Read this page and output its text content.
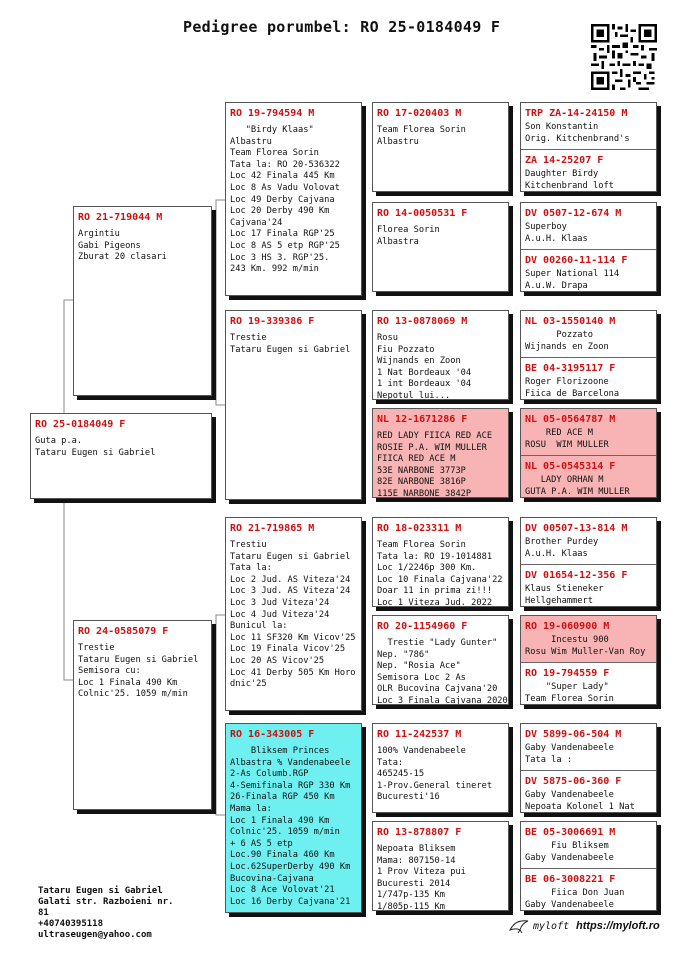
Pedigree porumbel: RO 25-0184049 F
RO 25-0184049 F
Guta p.a.
Tataru Eugen si Gabriel
RO 21-719044 M
Argintiu
Gabi Pigeons
Zburat 20 clasari
RO 24-0585079 F
Trestie
Tataru Eugen si Gabriel
Semisora cu:
Loc 1 Finala 490 Km
Colnic'25. 1059 m/min
RO 19-794594 M
"Birdy Klaas"
Albastru
Team Florea Sorin
Tata la: RO 20-536322
Loc 42 Finala 445 Km
Loc 8 As Vadu Volovat
Loc 49 Derby Cajvana
Loc 20 Derby 490 Km
Cajvana'24
Loc 17 Finala RGP'25
Loc 8 AS 5 etp RGP'25
Loc 3 HS 3. RGP'25.
243 Km. 992 m/min
RO 19-339386 F
Trestie
Tataru Eugen si Gabriel
RO 21-719865 M
Trestiu
Tataru Eugen si Gabriel
Tata la:
Loc 2 Jud. AS Viteza'24
Loc 3 Jud. AS Viteza'24
Loc 3 Jud Viteza'24
Loc 4 Jud Viteza'24
Bunicul la:
Loc 11 SF320 Km Vicov'25
Loc 19 Finala Vicov'25
Loc 20 AS Vicov'25
Loc 41 Derby 505 Km Horo
dnic'25
RO 16-343005 F
Bliksem Princes
Albastra % Vandenabeele
2-As Columb.RGP
4-Semifinala RGP 330 Km
26-Finala RGP 450 Km
Mama la:
Loc 1 Finala 490 Km
Colnic'25. 1059 m/min
+ 6 AS 5 etp
Loc.90 Finala 460 Km
Loc.62SuperDerby 490 Km
Bucovina-Cajvana
Loc 8 Ace Volovat'21
Loc 16 Derby Cajvana'21
RO 17-020403 M
Team Florea Sorin
Albastru
RO 14-0050531 F
Florea Sorin
Albastra
RO 13-0878069 M
Rosu
Fiu Pozzato
Wijnands en Zoon
1 Nat Bordeaux '04
1 int Bordeaux '04
Nepotul lui...
NL 12-1671286 F
RED LADY FIICA RED ACE
ROSIE P.A. WIM MULLER
FIICA RED ACE M
53E NARBONE 3773P
82E NARBONE 3816P
115E NARBONE 3842P
RO 18-023311 M
Team Florea Sorin
Tata la: RO 19-1014881
Loc 1/2246p 300 Km.
Loc 10 Finala Cajvana'22
Doar 11 in prima zi!!!
Loc 1 Viteza Jud. 2022
RO 20-1154960 F
Trestie "Lady Gunter"
Nep. "786"
Nep. "Rosia Ace"
Semisora Loc 2 As
OLR Bucovina Cajvana'20
Loc 3 Finala Cajvana 2020
RO 11-242537 M
100% Vandenabeele
Tata:
465245-15
1-Prov.General tineret
Bucuresti'16
RO 13-878807 F
Nepoata Bliksem
Mama: 807150-14
1 Prov Viteza pui
Bucuresti 2014
1/747p-135 Km
1/805p-115 Km
TRP ZA-14-24150 M
Son Konstantin
Orig. Kitchenbrand's
ZA 14-25207 F
Daughter Birdy
Kitchenbrand loft
DV 0507-12-674 M
Superboy
A.u.H. Klaas
DV 00260-11-114 F
Super National 114
A.u.W. Drapa
NL 03-1550140 M
Pozzato
Wijnands en Zoon
BE 04-3195117 F
Roger Florizoone
Fiica de Barcelona
NL 05-0564787 M
RED ACE M
ROSU  WIM MULLER
NL 05-0545314 F
LADY ORHAN M
GUTA P.A. WIM MULLER
DV 00507-13-814 M
Brother Purdey
A.u.H. Klaas
DV 01654-12-356 F
Klaus Stieneker
Hellgehammert
RO 19-060900 M
Incestu 900
Rosu Wim Muller-Van Roy
RO 19-794559 F
"Super Lady"
Team Florea Sorin
DV 5899-06-504 M
Gaby Vandenabeele
Tata la :
DV 5875-06-360 F
Gaby Vandenabeele
Nepoata Kolonel 1 Nat
BE 05-3006691 M
Fiu Bliksem
Gaby Vandenabeele
BE 06-3008221 F
Fiica Don Juan
Gaby Vandenabeele
Tataru Eugen si Gabriel
Galati str. Razboieni nr.
81
+40740395118
ultraseugen@yahoo.com
myloft https://myloft.ro
